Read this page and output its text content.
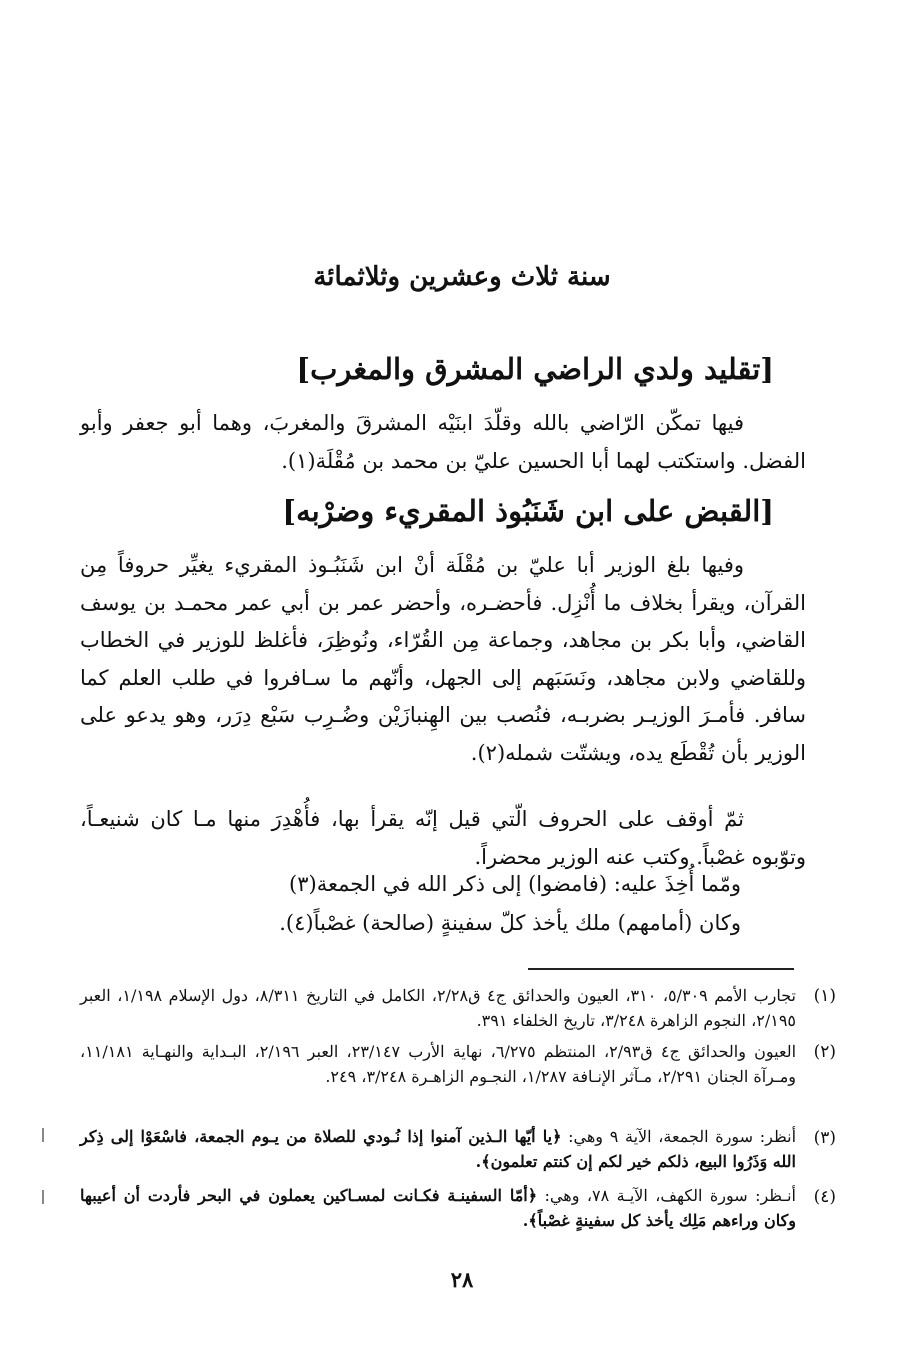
سنة ثلاث وعشرين وثلاثمائة
[تقليد ولدي الراضي المشرق والمغرب]
فيها تمكّن الرّاضي بالله وقلّدَ ابنَيْه المشرقَ والمغربَ، وهما أبو جعفر وأبو الفضل. واستكتب لهما أبا الحسين عليّ بن محمد بن مُقْلَة(١).
[القبض على ابن شَنَبُوذ المقريء وضرْبه]
وفيها بلغ الوزير أبا عليّ بن مُقْلَة أنْ ابن شَنَبُـوذ المقريء يغيِّر حروفاً مِن القرآن، ويقرأ بخلاف ما أُنْزِل. فأحضـره، وأحضر عمر بن أبي عمر محمـد بن يوسف القاضي، وأبا بكر بن مجاهد، وجماعة مِن القُرّاء، ونُوظِرَ، فأغلظ للوزير في الخطاب وللقاضي ولابن مجاهد، ونَسَبَهم إلى الجهل، وأنّهم ما سـافروا في طلب العلم كما سافر. فأمـرَ الوزيـر بضربـه، فنُصب بين الهِنبازَيْن وضُـرِب سَبْع دِرَر، وهو يدعو على الوزير بأن تُقْطَع يده، ويشتّت شمله(٢).
ثمّ أوقف على الحروف الّتي قيل إنّه يقرأ بها، فأُهْدِرَ منها مـا كان شنيعـاً، وتوّبوه غصْباً. وكتب عنه الوزير محضراً.
ومّما أُخِذَ عليه: (فامضوا) إلى ذكر الله في الجمعة(٣)
وكان (أمامهم) ملك يأخذ كلّ سفينةٍ (صالحة) غصْباً(٤).
(١)
تجارب الأمم ٥/٣٠٩، ٣١٠، العيون والحدائق ج٤ ق٢/٢٨، الكامل في التاريخ ٨/٣١١، دول الإسلام ١/١٩٨، العبر ٢/١٩٥، النجوم الزاهرة ٣/٢٤٨، تاريخ الخلفاء ٣٩١.
(٢)
العيون والحدائق ج٤ ق٢/٩٣، المنتظم ٦/٢٧٥، نهاية الأرب ٢٣/١٤٧، العبر ٢/١٩٦، البـداية والنهـاية ١١/١٨١، ومـرآة الجنان ٢/٢٩١، مـآثر الإنـافة ١/٢٨٧، النجـوم الزاهـرة ٣/٢٤٨، ٢٤٩.
(٣)
أنظر: سورة الجمعة، الآية ٩ وهي: ﴿يا أيّها الـذين آمنوا إذا نُـودي للصلاة من يـوم الجمعة، فاسْعَوْا إلى ذِكر الله وَذَرُوا البيع، ذلكم خير لكم إن كنتم تعلمون﴾.
(٤)
أنـظر: سورة الكهف، الآيـة ٧٨، وهي: ﴿أمّا السفينـة فكـانت لمسـاكين يعملون في البحر فأردت أن أعيبها وكان وراءهم مَلِك يأخذ كل سفينةٍ غصْباً﴾.
٢٨
